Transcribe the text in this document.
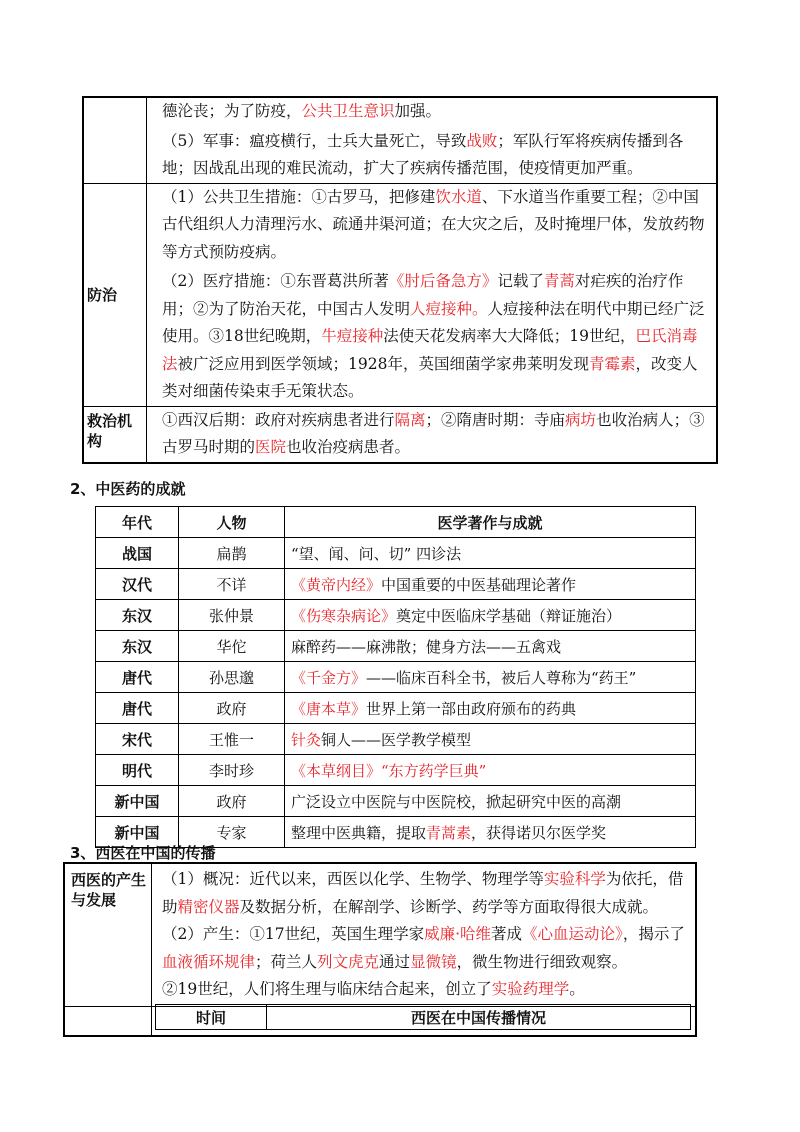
	德沦丧；为了防疫，公共卫生意识加强。

（5）军事：瘟疫横行，士兵大量死亡，导致战败；军队行军将疾病传播到各地；因战乱出现的难民流动，扩大了疾病传播范围，使疫情更加严重。

防治	（1）公共卫生措施：①古罗马，把修建饮水道、下水道当作重要工程；②中国古代组织人力清理污水、疏通井渠河道；在大灾之后，及时掩埋尸体，发放药物等方式预防疫病。

（2）医疗措施：①东晋葛洪所著《肘后备急方》记载了青蒿对疟疾的治疗作用；②为了防治天花，中国古人发明人痘接种。人痘接种法在明代中期已经广泛使用。③18世纪晚期，牛痘接种法使天花发病率大大降低；19世纪，巴氏消毒法被广泛应用到医学领域；1928年，英国细菌学家弗莱明发现青霉素，改变人类对细菌传染束手无策状态。

救治机构	①西汉后期：政府对疾病患者进行隔离；②隋唐时期：寺庙病坊也收治病人；③古罗马时期的医院也收治疫病患者。

2、中医药的成就
年代	人物	医学著作与成就
战国	扁鹊	“望、闻、问、切” 四诊法
汉代	不详	《黄帝内经》中国重要的中医基础理论著作
东汉	张仲景	《伤寒杂病论》奠定中医临床学基础（辩证施治）
东汉	华佗	麻醉药——麻沸散；健身方法——五禽戏
唐代	孙思邈	《千金方》——临床百科全书，被后人尊称为“药王”
唐代	政府	《唐本草》世界上第一部由政府颁布的药典
宋代	王惟一	针灸铜人——医学教学模型
明代	李时珍	《本草纲目》“东方药学巨典”
新中国	政府	广泛设立中医院与中医院校，掀起研究中医的高潮
新中国	专家	整理中医典籍，提取青蒿素，获得诺贝尔医学奖
3、西医在中国的传播
西医的产生与发展	（1）概况：近代以来，西医以化学、生物学、物理学等实验科学为依托，借助精密仪器及数据分析，在解剖学、诊断学、药学等方面取得很大成就。

（2）产生：①17世纪，英国生理学家威廉·哈维著成《心血运动论》，揭示了血液循环规律；荷兰人列文虎克通过显微镜，微生物进行细致观察。

②19世纪，人们将生理与临床结合起来，创立了实验药理学。

时间	西医在中国传播情况
